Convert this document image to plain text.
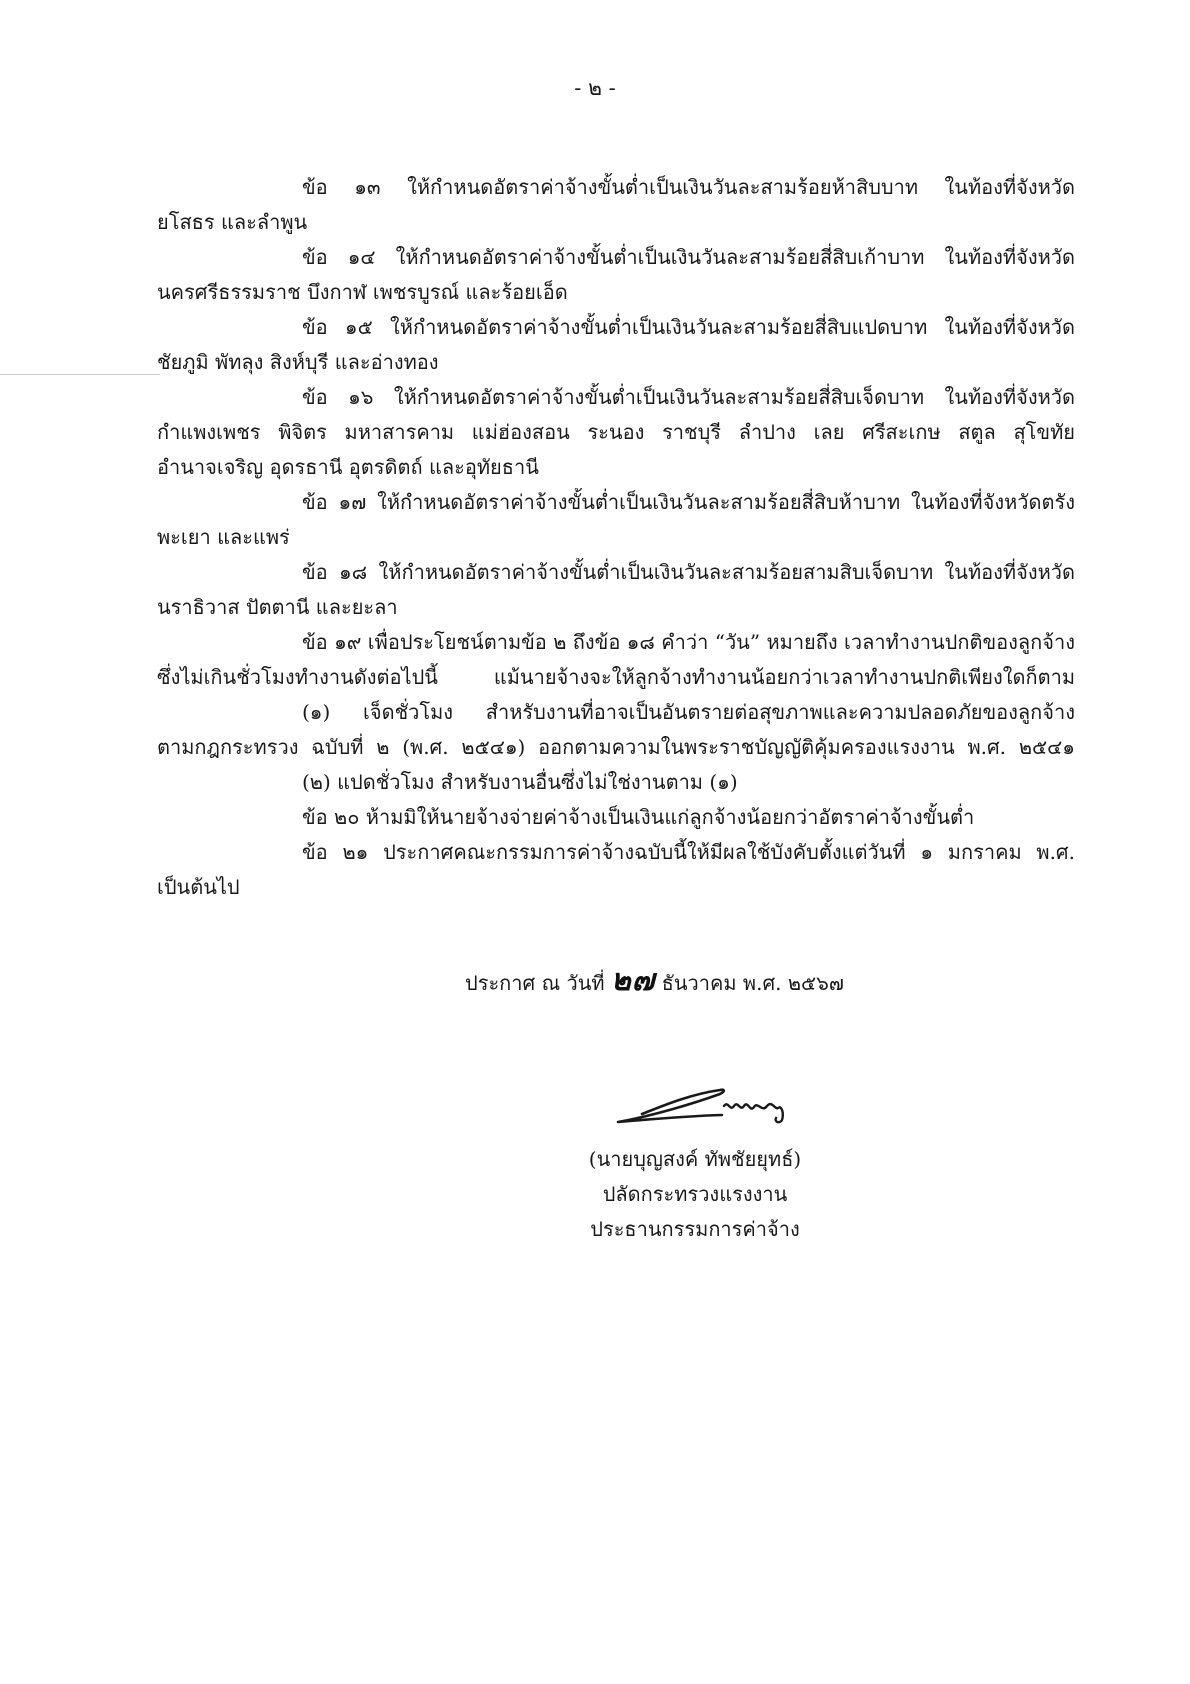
- ๒ -
ข้อ ๑๓ ให้กำหนดอัตราค่าจ้างขั้นต่ำเป็นเงินวันละสามร้อยห้าสิบบาท ในท้องที่จังหวัด
ยโสธร และลำพูน
ข้อ ๑๔ ให้กำหนดอัตราค่าจ้างขั้นต่ำเป็นเงินวันละสามร้อยสี่สิบเก้าบาท ในท้องที่จังหวัด
นครศรีธรรมราช บึงกาฬ เพชรบูรณ์ และร้อยเอ็ด
ข้อ ๑๕ ให้กำหนดอัตราค่าจ้างขั้นต่ำเป็นเงินวันละสามร้อยสี่สิบแปดบาท ในท้องที่จังหวัด
ชัยภูมิ พัทลุง สิงห์บุรี และอ่างทอง
ข้อ ๑๖ ให้กำหนดอัตราค่าจ้างขั้นต่ำเป็นเงินวันละสามร้อยสี่สิบเจ็ดบาท ในท้องที่จังหวัด
กำแพงเพชร พิจิตร มหาสารคาม แม่ฮ่องสอน ระนอง ราชบุรี ลำปาง เลย ศรีสะเกษ สตูล สุโขทัย
อำนาจเจริญ อุดรธานี อุตรดิตถ์ และอุทัยธานี
ข้อ ๑๗ ให้กำหนดอัตราค่าจ้างขั้นต่ำเป็นเงินวันละสามร้อยสี่สิบห้าบาท ในท้องที่จังหวัดตรัง
พะเยา และแพร่
ข้อ ๑๘ ให้กำหนดอัตราค่าจ้างขั้นต่ำเป็นเงินวันละสามร้อยสามสิบเจ็ดบาท ในท้องที่จังหวัด
นราธิวาส ปัตตานี และยะลา
ข้อ ๑๙ เพื่อประโยชน์ตามข้อ ๒ ถึงข้อ ๑๘ คำว่า “วัน” หมายถึง เวลาทำงานปกติของลูกจ้าง
ซึ่งไม่เกินชั่วโมงทำงานดังต่อไปนี้ แม้นายจ้างจะให้ลูกจ้างทำงานน้อยกว่าเวลาทำงานปกติเพียงใดก็ตาม
(๑) เจ็ดชั่วโมง สำหรับงานที่อาจเป็นอันตรายต่อสุขภาพและความปลอดภัยของลูกจ้าง
ตามกฎกระทรวง ฉบับที่ ๒ (พ.ศ. ๒๕๔๑) ออกตามความในพระราชบัญญัติคุ้มครองแรงงาน พ.ศ. ๒๕๔๑
(๒) แปดชั่วโมง สำหรับงานอื่นซึ่งไม่ใช่งานตาม (๑)
ข้อ ๒๐ ห้ามมิให้นายจ้างจ่ายค่าจ้างเป็นเงินแก่ลูกจ้างน้อยกว่าอัตราค่าจ้างขั้นต่ำ
ข้อ ๒๑ ประกาศคณะกรรมการค่าจ้างฉบับนี้ให้มีผลใช้บังคับตั้งแต่วันที่ ๑ มกราคม พ.ศ.
เป็นต้นไป
ประกาศ ณ วันที่ ๒๗ ธันวาคม พ.ศ. ๒๕๖๗
(นายบุญสงค์ ทัพชัยยุทธ์)
ปลัดกระทรวงแรงงาน
ประธานกรรมการค่าจ้าง
